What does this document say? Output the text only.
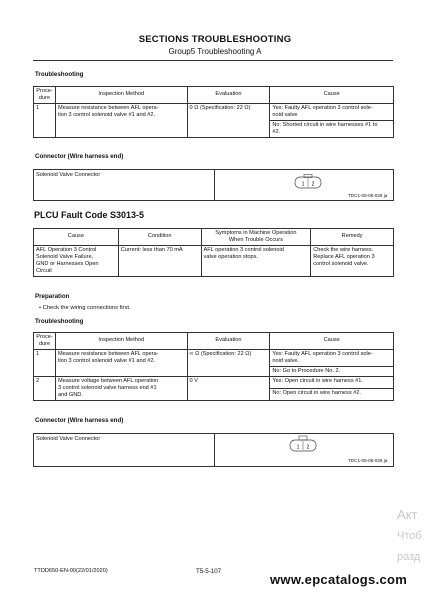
SECTIONS TROUBLESHOOTING
Group5 Troubleshooting A
Troubleshooting
Proce-
dure	Inspection Method	Evaluation	Cause
1	Measure resistance between AFL opera-
tion 3 control solenoid valve #1 and #2.	0 Ω (Specification: 22 Ω)	Yes: Faulty AFL operation 3 control sole-
noid valve
			No: Shorted circuit in wire harnesses #1 to
#2.
Connector (Wire harness end)
Solenoid Valve Connector
1 2
TDC1-05-05-026 ja
PLCU Fault Code S3013-5
Cause	Condition	Symptoms in Machine Operation
When Trouble Occurs	Remedy
AFL Operation 3 Control
Solenoid Valve Failure,
GND or Harnesses Open
Circuit	Current: less than 70 mA	AFL operation 3 control solenoid
valve operation stops.	Check the wire harness.
Replace AFL operation 3
control solenoid valve.
Preparation
• Check the wiring connections first.
Troubleshooting
Proce-
dure	Inspection Method	Evaluation	Cause
1	Measure resistance between AFL opera-
tion 3 control solenoid valve #1 and #2.	∞ Ω (Specification: 22 Ω)	Yes: Faulty AFL operation 3 control sole-
noid valve.
			No: Go to Procedure No. 2.
2	Measure voltage between AFL operation
3 control solenoid valve harness end #1
and GND.	0 V	Yes: Open circuit in wire harness #1.
			No: Open circuit in wire harness #2.
Connector (Wire harness end)
Solenoid Valve Connector
1 2
TDC1-05-05-026 ja
TTDD650-EN-00(22/01/2020)	T5-5-107
www.epcatalogs.com
Акт
Чтоб
разд
